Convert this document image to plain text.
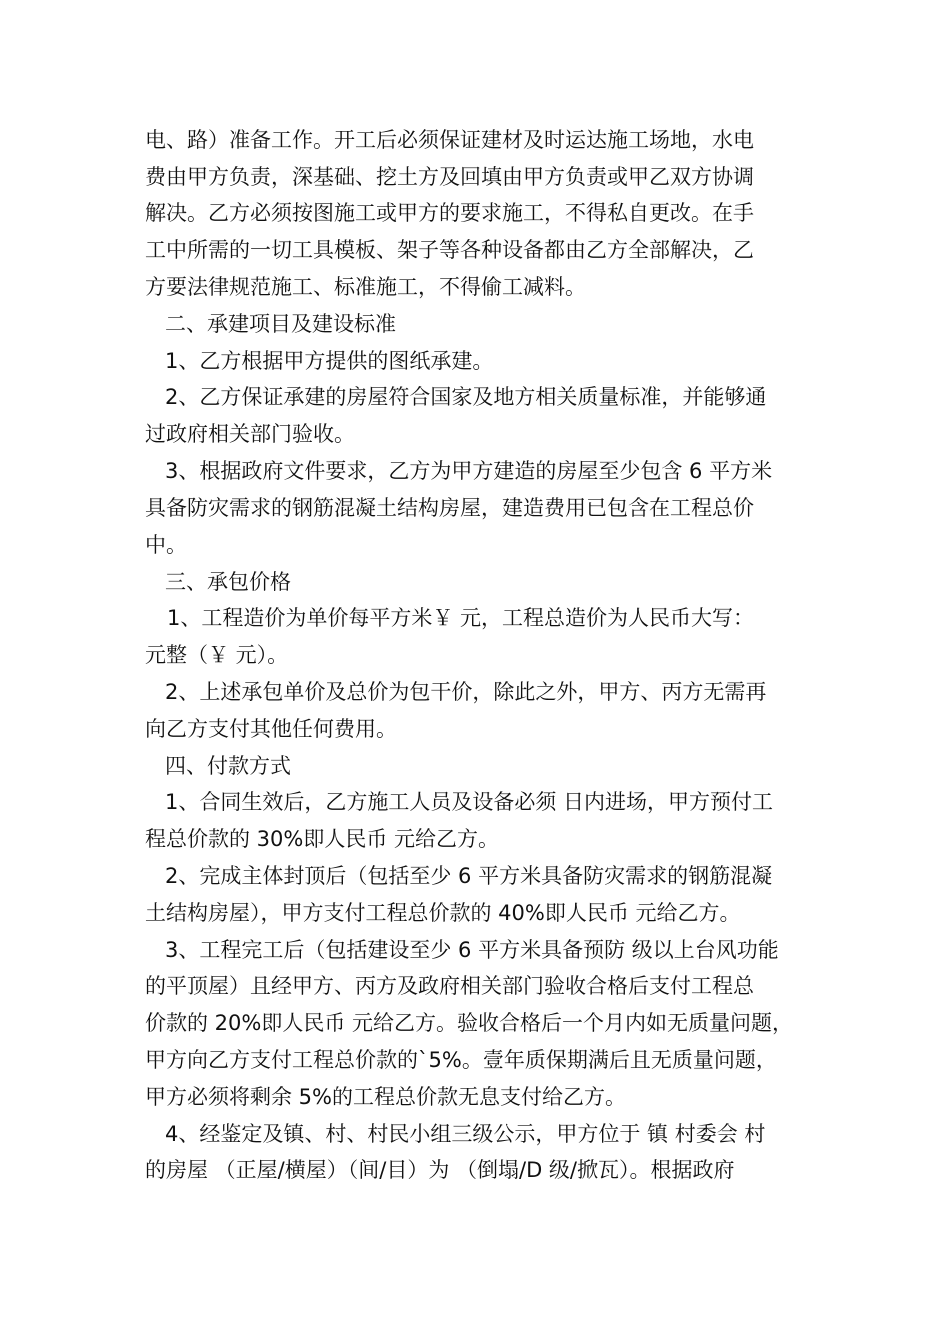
电、路）准备工作。开工后必须保证建材及时运达施工场地，水电
费由甲方负责，深基础、挖土方及回填由甲方负责或甲乙双方协调
解决。乙方必须按图施工或甲方的要求施工，不得私自更改。在手
工中所需的一切工具模板、架子等各种设备都由乙方全部解决，乙
方要法律规范施工、标准施工，不得偷工减料。
二、承建项目及建设标准
1、乙方根据甲方提供的图纸承建。
2、乙方保证承建的房屋符合国家及地方相关质量标准，并能够通
过政府相关部门验收。
3、根据政府文件要求，乙方为甲方建造的房屋至少包含 6 平方米
具备防灾需求的钢筋混凝土结构房屋，建造费用已包含在工程总价
中。
三、承包价格
1、工程造价为单价每平方米￥ 元，工程总造价为人民币大写：
元整（￥ 元）。
2、上述承包单价及总价为包干价，除此之外，甲方、丙方无需再
向乙方支付其他任何费用。
四、付款方式
1、合同生效后，乙方施工人员及设备必须 日内进场，甲方预付工
程总价款的 30%即人民币 元给乙方。
2、完成主体封顶后（包括至少 6 平方米具备防灾需求的钢筋混凝
土结构房屋），甲方支付工程总价款的 40%即人民币 元给乙方。
3、工程完工后（包括建设至少 6 平方米具备预防 级以上台风功能
的平顶屋）且经甲方、丙方及政府相关部门验收合格后支付工程总
价款的 20%即人民币 元给乙方。验收合格后一个月内如无质量问题，
甲方向乙方支付工程总价款的`5%。壹年质保期满后且无质量问题，
甲方必须将剩余 5%的工程总价款无息支付给乙方。
4、经鉴定及镇、村、村民小组三级公示，甲方位于 镇 村委会 村
的房屋 （正屋/横屋）（间/目）为 （倒塌/D 级/掀瓦）。根据政府
